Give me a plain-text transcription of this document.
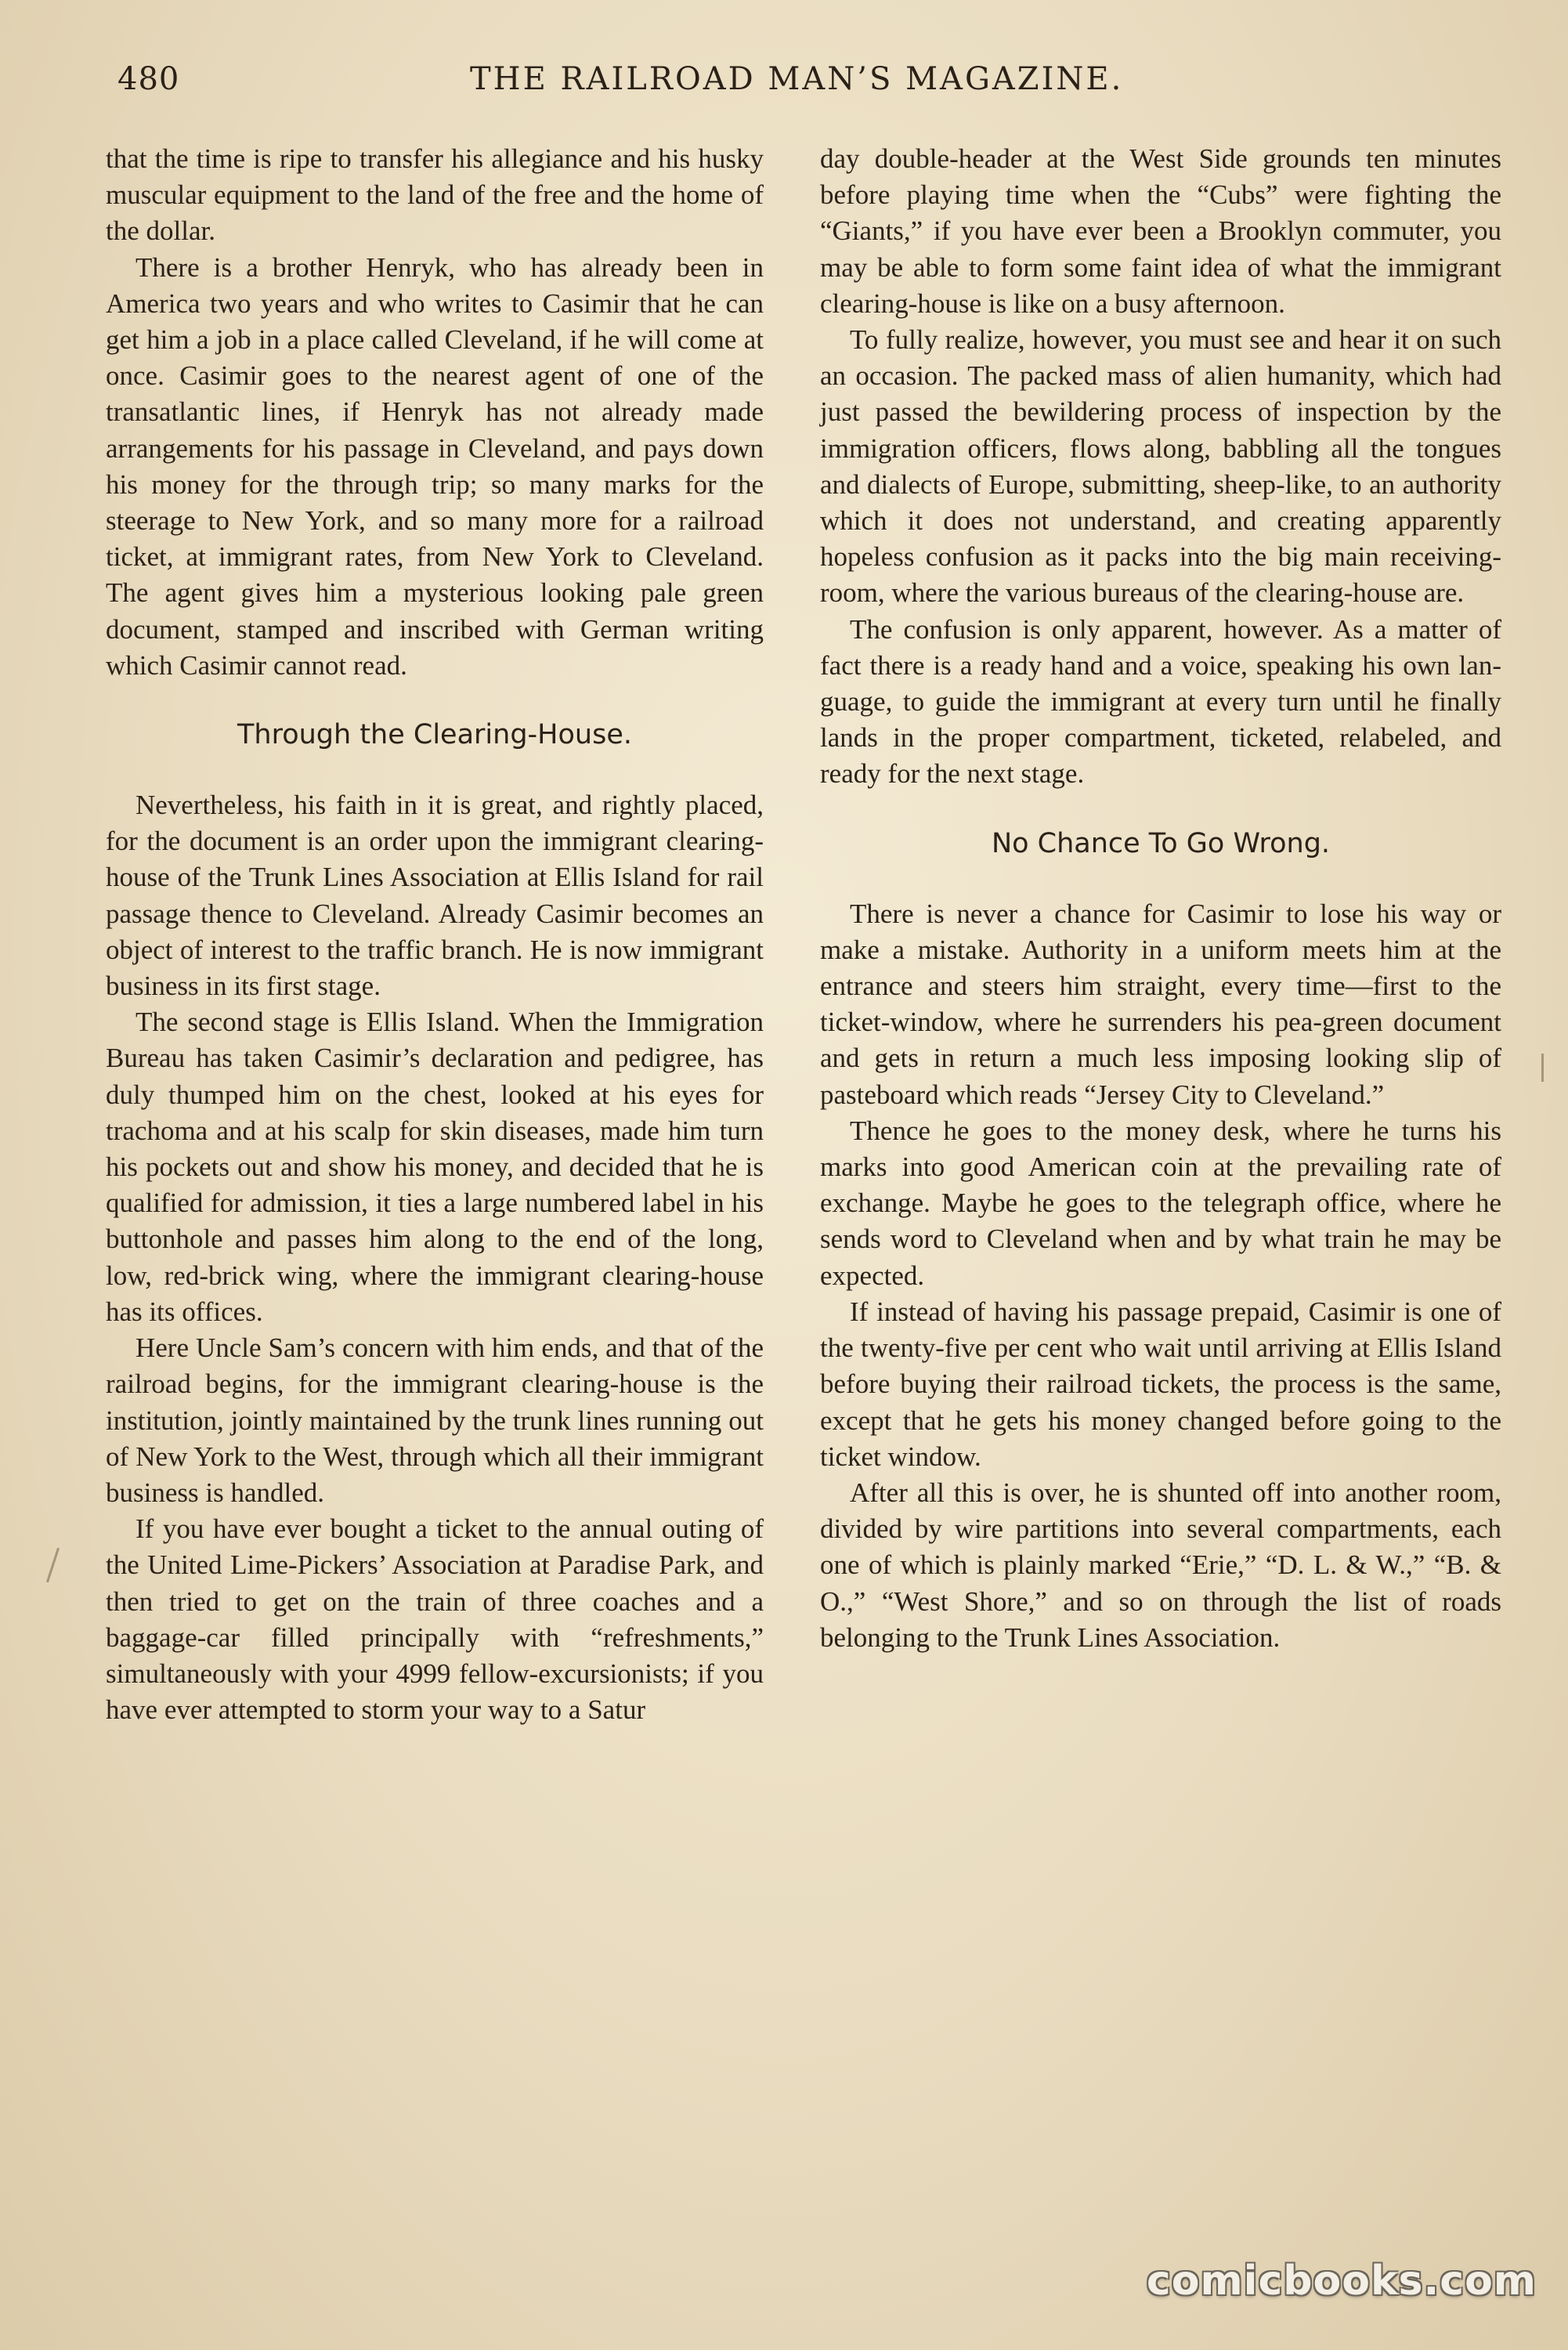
480	THE RAILROAD MAN’S MAGAZINE.

that the time is ripe to transfer his allegiance and his husky muscular equipment to the land of the free and the home of the dollar.

There is a brother Henryk, who has already been in America two years and who writes to Casimir that he can get him a job in a place called Cleveland, if he will come at once. Casimir goes to the nearest agent of one of the transatlantic lines, if Henryk has not already made arrangements for his passage in Cleveland, and pays down his money for the through trip; so many marks for the steerage to New York, and so many more for a railroad ticket, at immigrant rates, from New York to Cleveland. The agent gives him a mysterious looking pale green document, stamped and inscribed with German writing which Casimir cannot read.

Through the Clearing-House.

Nevertheless, his faith in it is great, and rightly placed, for the document is an order upon the immigrant clearing-house of the Trunk Lines Association at Ellis Island for rail passage thence to Cleveland. Already Casimir becomes an object of interest to the traffic branch. He is now immigrant business in its first stage.

The second stage is Ellis Island. When the Immigration Bureau has taken Casimir’s declaration and pedigree, has duly thumped him on the chest, looked at his eyes for trachoma and at his scalp for skin diseases, made him turn his pockets out and show his money, and decided that he is qualified for admission, it ties a large numbered label in his buttonhole and passes him along to the end of the long, low, red-brick wing, where the immigrant clearing-house has its offices.

Here Uncle Sam’s concern with him ends, and that of the railroad begins, for the immigrant clearing-house is the institution, jointly maintained by the trunk lines running out of New York to the West, through which all their immigrant business is handled.

If you have ever bought a ticket to the annual outing of the United Lime-Pickers’ Association at Paradise Park, and then tried to get on the train of three coaches and a baggage-car filled principally with “refreshments,” simultaneously with your 4999 fellow-excursionists; if you have ever attempted to storm your way to a Satur

day double-header at the West Side grounds ten minutes before playing time when the “Cubs” were fighting the “Giants,” if you have ever been a Brooklyn commuter, you may be able to form some faint idea of what the immigrant clearing-house is like on a busy afternoon.

To fully realize, however, you must see and hear it on such an occasion. The packed mass of alien humanity, which had just passed the bewildering process of inspection by the immigration officers, flows along, babbling all the tongues and dialects of Europe, submitting, sheep-like, to an authority which it does not understand, and creating apparently hopeless confusion as it packs into the big main receiving-room, where the various bureaus of the clearing-house are.

The confusion is only apparent, however. As a matter of fact there is a ready hand and a voice, speaking his own language, to guide the immigrant at every turn until he finally lands in the proper compartment, ticketed, relabeled, and ready for the next stage.

No Chance To Go Wrong.

There is never a chance for Casimir to lose his way or make a mistake. Authority in a uniform meets him at the entrance and steers him straight, every time—first to the ticket-window, where he surrenders his pea-green document and gets in return a much less imposing looking slip of pasteboard which reads “Jersey City to Cleveland.”

Thence he goes to the money desk, where he turns his marks into good American coin at the prevailing rate of exchange. Maybe he goes to the telegraph office, where he sends word to Cleveland when and by what train he may be expected.

If instead of having his passage prepaid, Casimir is one of the twenty-five per cent who wait until arriving at Ellis Island before buying their railroad tickets, the process is the same, except that he gets his money changed before going to the ticket window.

After all this is over, he is shunted off into another room, divided by wire partitions into several compartments, each one of which is plainly marked “Erie,” “D. L. & W.,” “B. & O.,” “West Shore,” and so on through the list of roads belonging to the Trunk Lines Association.

comicbooks.com
